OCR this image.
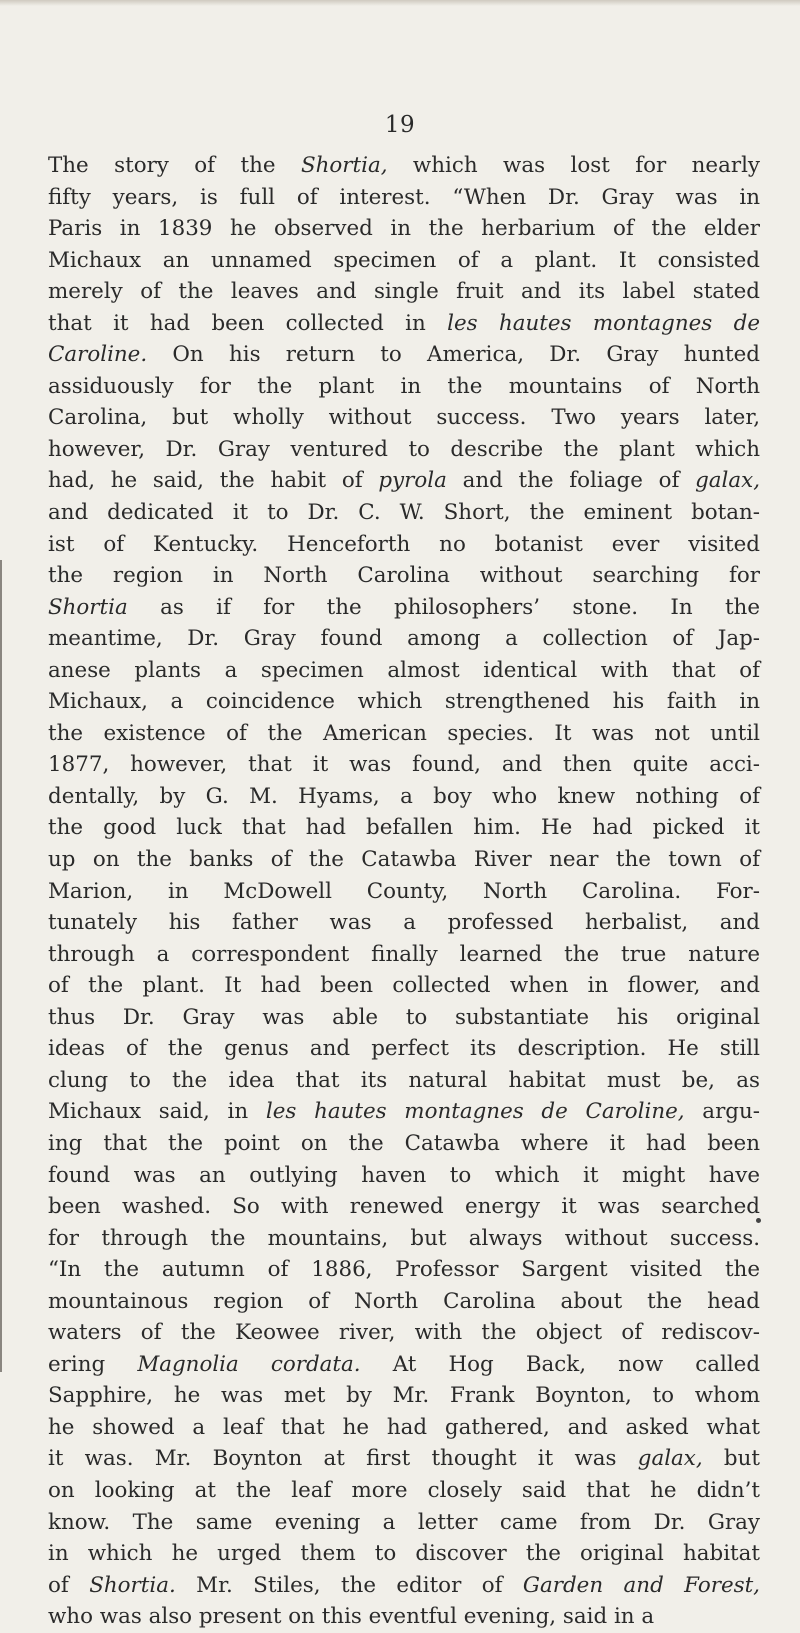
19
The story of the Shortia, which was lost for nearly
fifty years, is full of interest. “When Dr. Gray was in
Paris in 1839 he observed in the herbarium of the elder
Michaux an unnamed specimen of a plant. It consisted
merely of the leaves and single fruit and its label stated
that it had been collected in les hautes montagnes de
Caroline. On his return to America, Dr. Gray hunted
assiduously for the plant in the mountains of North
Carolina, but wholly without success. Two years later,
however, Dr. Gray ventured to describe the plant which
had, he said, the habit of pyrola and the foliage of galax,
and dedicated it to Dr. C. W. Short, the eminent botan-
ist of Kentucky. Henceforth no botanist ever visited
the region in North Carolina without searching for
Shortia as if for the philosophers’ stone. In the
meantime, Dr. Gray found among a collection of Jap-
anese plants a specimen almost identical with that of
Michaux, a coincidence which strengthened his faith in
the existence of the American species. It was not until
1877, however, that it was found, and then quite acci-
dentally, by G. M. Hyams, a boy who knew nothing of
the good luck that had befallen him. He had picked it
up on the banks of the Catawba River near the town of
Marion, in McDowell County, North Carolina. For-
tunately his father was a professed herbalist, and
through a correspondent finally learned the true nature
of the plant. It had been collected when in flower, and
thus Dr. Gray was able to substantiate his original
ideas of the genus and perfect its description. He still
clung to the idea that its natural habitat must be, as
Michaux said, in les hautes montagnes de Caroline, argu-
ing that the point on the Catawba where it had been
found was an outlying haven to which it might have
been washed. So with renewed energy it was searched
for through the mountains, but always without success.
“In the autumn of 1886, Professor Sargent visited the
mountainous region of North Carolina about the head
waters of the Keowee river, with the object of rediscov-
ering Magnolia cordata. At Hog Back, now called
Sapphire, he was met by Mr. Frank Boynton, to whom
he showed a leaf that he had gathered, and asked what
it was. Mr. Boynton at first thought it was galax, but
on looking at the leaf more closely said that he didn’t
know. The same evening a letter came from Dr. Gray
in which he urged them to discover the original habitat
of Shortia. Mr. Stiles, the editor of Garden and Forest,
who was also present on this eventful evening, said in a
